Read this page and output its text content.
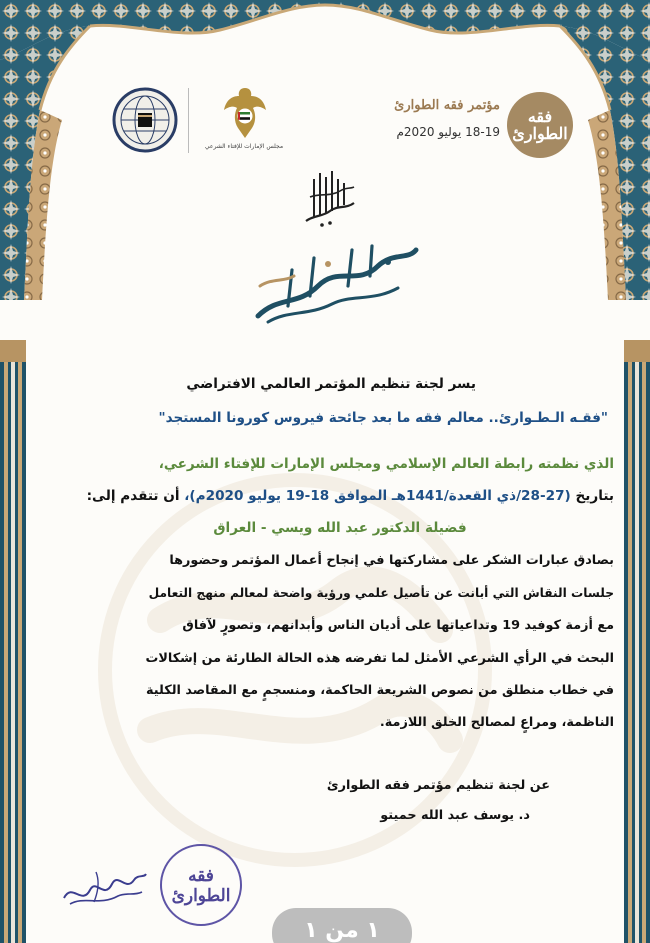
فقه الطوارئ
مؤتمر فقه الطوارئ
18-19 يوليو 2020م
مجلس الإمارات للإفتاء الشرعي
يسر لجنة تنظيم المؤتمر العالمي الافتراضي
"فقـه الـطـوارئ.. معالم فقه ما بعد جائحة فيروس كورونا المستجد"
الذي نظمته رابطة العالم الإسلامي ومجلس الإمارات للإفتاء الشرعي،
بتاريخ (27-28/ذي القعدة/1441هـ الموافق 18-19 يوليو 2020م)، أن تتقدم إلى:
فضيلة الدكتور عبد الله ويسي - العراق
بصادق عبارات الشكر على مشاركتها في إنجاح أعمال المؤتمر وحضورها
جلسات النقاش التي أبانت عن تأصيل علمي ورؤية واضحة لمعالم منهج التعامل
مع أزمة كوفيد 19 وتداعياتها على أديان الناس وأبدانهم، وتصورٍ لآفاق
البحث في الرأي الشرعي الأمثل لما تفرضه هذه الحالة الطارئة من إشكالات
في خطاب منطلق من نصوص الشريعة الحاكمة، ومنسجمٍ مع المقاصد الكلية
الناظمة، ومراعٍ لمصالح الخلق اللازمة.
عن لجنة تنظيم مؤتمر فقه الطوارئ
د. يوسف عبد الله حميتو
فقه الطوارئ
١ من ١
